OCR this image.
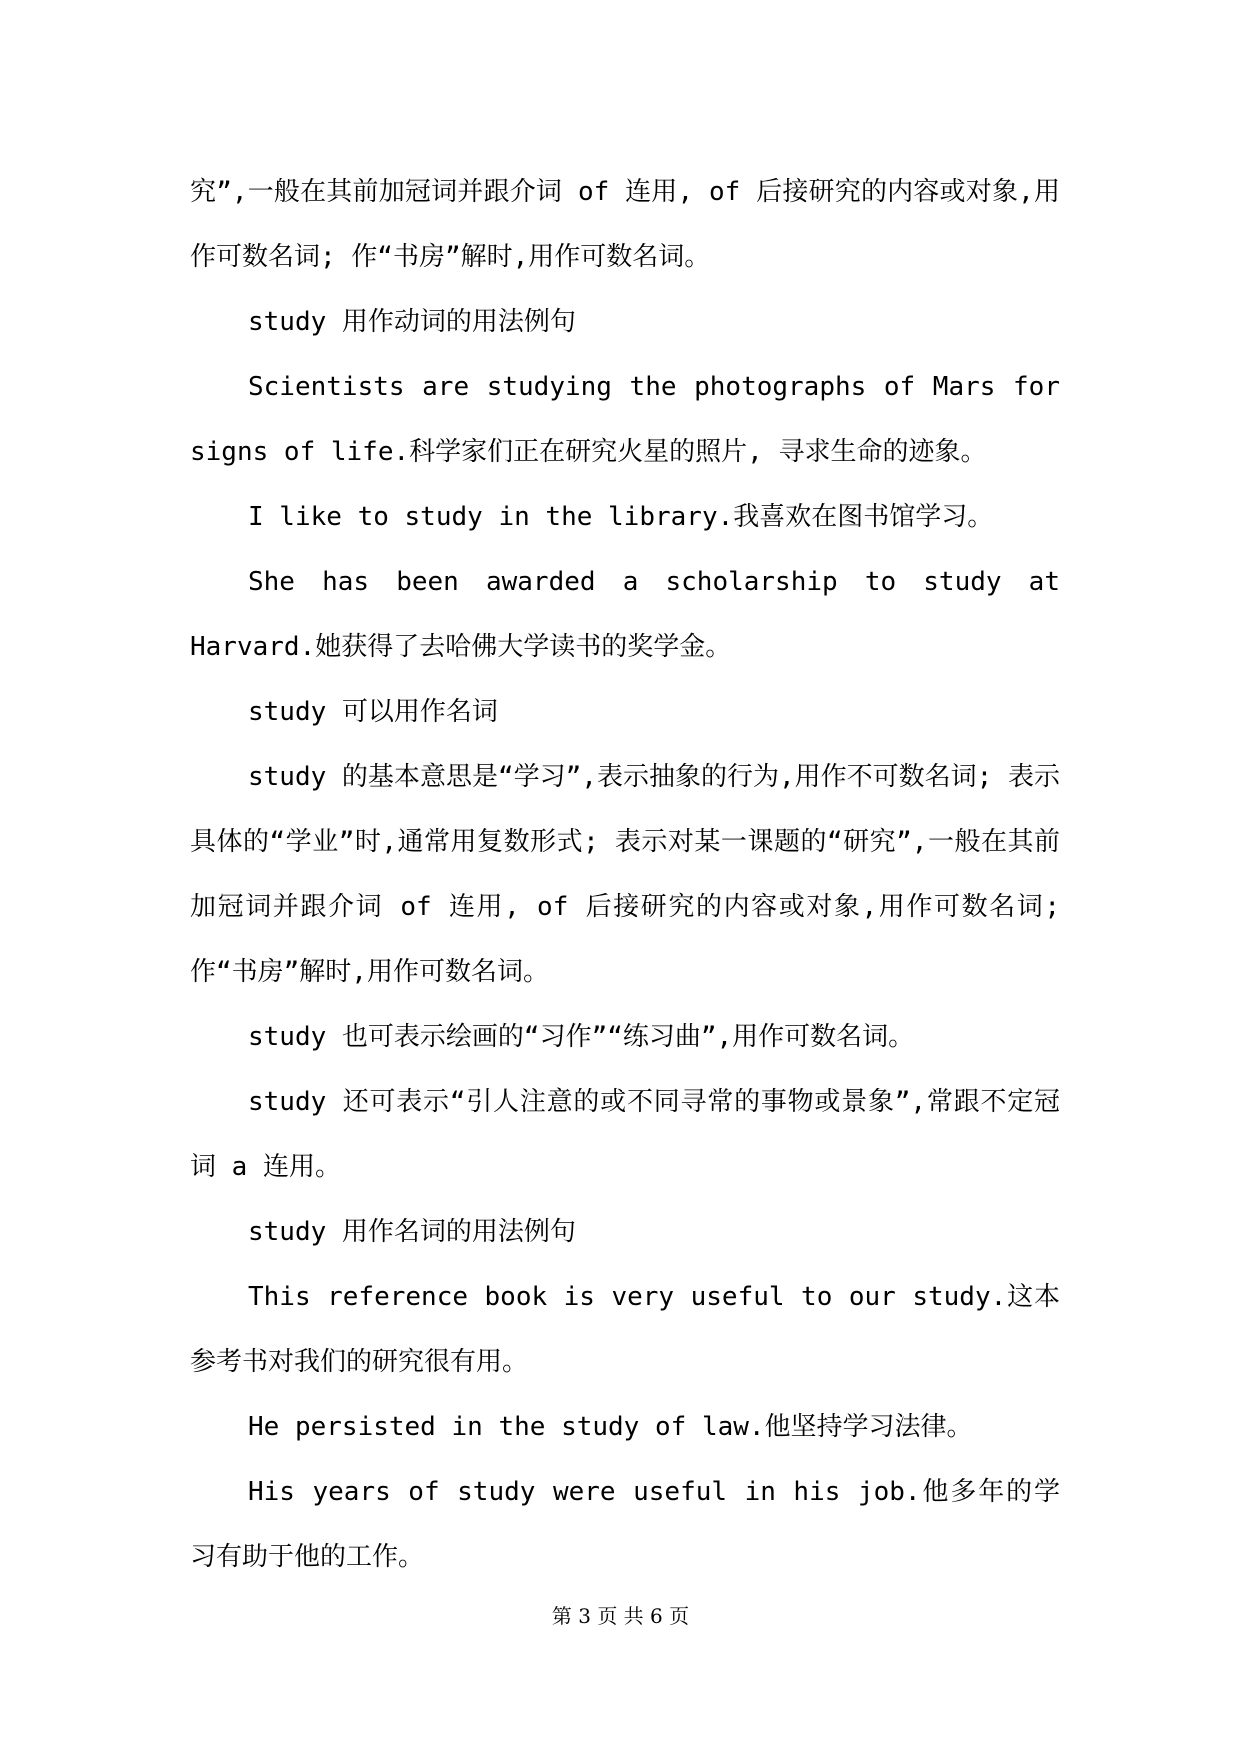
究”,一般在其前加冠词并跟介词 of 连用, of 后接研究的内容或对象,用作可数名词; 作“书房”解时,用作可数名词。

study 用作动词的用法例句

Scientists are studying the photographs of Mars for signs of life.科学家们正在研究火星的照片, 寻求生命的迹象。

I like to study in the library.我喜欢在图书馆学习。

She has been awarded a scholarship to study at Harvard.她获得了去哈佛大学读书的奖学金。

study 可以用作名词

study 的基本意思是“学习”,表示抽象的行为,用作不可数名词; 表示具体的“学业”时,通常用复数形式; 表示对某一课题的“研究”,一般在其前加冠词并跟介词 of 连用, of 后接研究的内容或对象,用作可数名词; 作“书房”解时,用作可数名词。

study 也可表示绘画的“习作”“练习曲”,用作可数名词。

study 还可表示“引人注意的或不同寻常的事物或景象”,常跟不定冠词 a 连用。

study 用作名词的用法例句

This reference book is very useful to our study.这本参考书对我们的研究很有用。

He persisted in the study of law.他坚持学习法律。

His years of study were useful in his job.他多年的学习有助于他的工作。

第 3 页 共 6 页
